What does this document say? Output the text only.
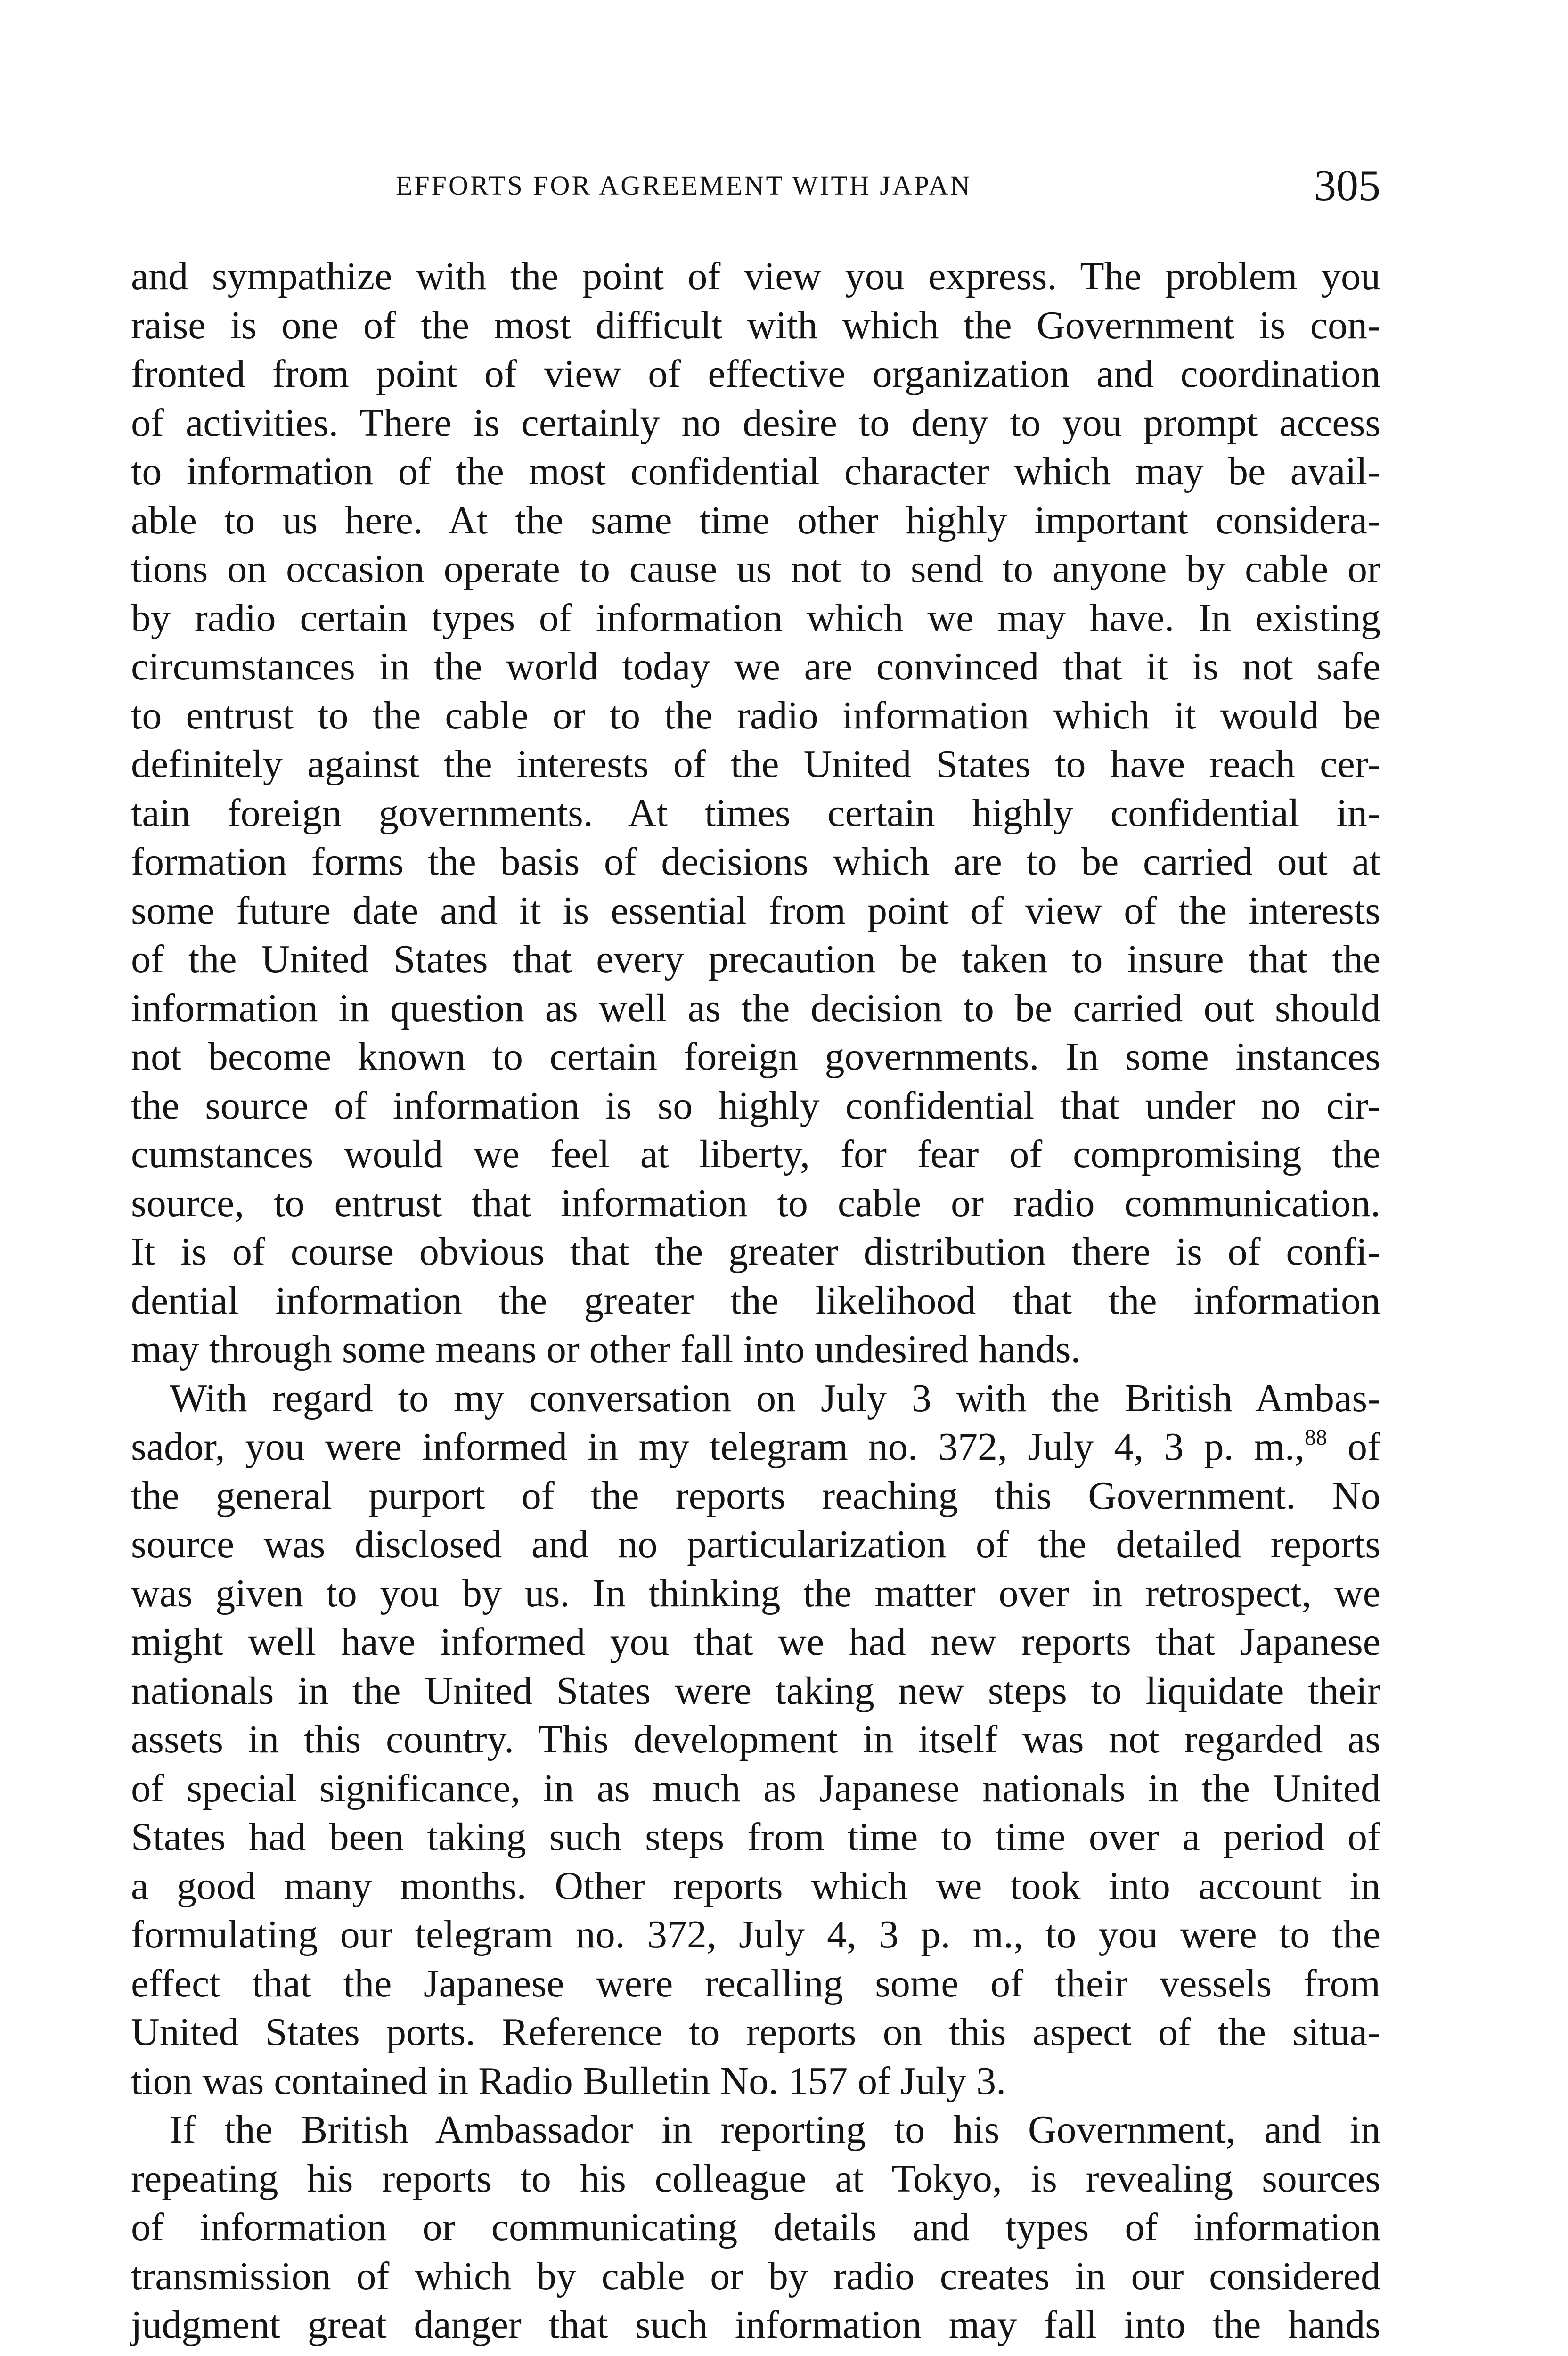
EFFORTS FOR AGREEMENT WITH JAPAN	305
and sympathize with the point of view you express. The problem you
raise is one of the most difficult with which the Government is con-
fronted from point of view of effective organization and coordination
of activities. There is certainly no desire to deny to you prompt access
to information of the most confidential character which may be avail-
able to us here. At the same time other highly important considera-
tions on occasion operate to cause us not to send to anyone by cable or
by radio certain types of information which we may have. In existing
circumstances in the world today we are convinced that it is not safe
to entrust to the cable or to the radio information which it would be
definitely against the interests of the United States to have reach cer-
tain foreign governments. At times certain highly confidential in-
formation forms the basis of decisions which are to be carried out at
some future date and it is essential from point of view of the interests
of the United States that every precaution be taken to insure that the
information in question as well as the decision to be carried out should
not become known to certain foreign governments. In some instances
the source of information is so highly confidential that under no cir-
cumstances would we feel at liberty, for fear of compromising the
source, to entrust that information to cable or radio communication.
It is of course obvious that the greater distribution there is of confi-
dential information the greater the likelihood that the information
may through some means or other fall into undesired hands.
With regard to my conversation on July 3 with the British Ambas-
sador, you were informed in my telegram no. 372, July 4, 3 p. m.,$^{88}$ of
the general purport of the reports reaching this Government. No
source was disclosed and no particularization of the detailed reports
was given to you by us. In thinking the matter over in retrospect, we
might well have informed you that we had new reports that Japanese
nationals in the United States were taking new steps to liquidate their
assets in this country. This development in itself was not regarded as
of special significance, in as much as Japanese nationals in the United
States had been taking such steps from time to time over a period of
a good many months. Other reports which we took into account in
formulating our telegram no. 372, July 4, 3 p. m., to you were to the
effect that the Japanese were recalling some of their vessels from
United States ports. Reference to reports on this aspect of the situa-
tion was contained in Radio Bulletin No. 157 of July 3.
If the British Ambassador in reporting to his Government, and in
repeating his reports to his colleague at Tokyo, is revealing sources
of information or communicating details and types of information
transmission of which by cable or by radio creates in our considered
judgment great danger that such information may fall into the hands
